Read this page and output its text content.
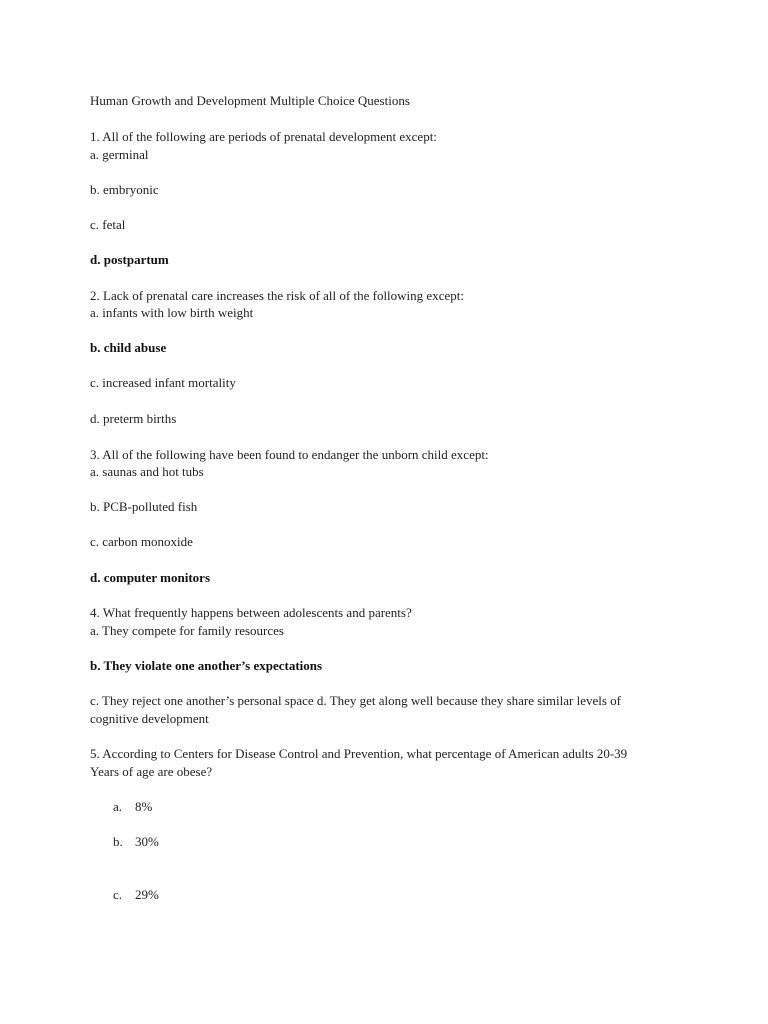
Human Growth and Development Multiple Choice Questions
1. All of the following are periods of prenatal development except:
a. germinal
b. embryonic
c. fetal
d. postpartum
2. Lack of prenatal care increases the risk of all of the following except:
a. infants with low birth weight
b. child abuse
c. increased infant mortality
d. preterm births
3. All of the following have been found to endanger the unborn child except:
a. saunas and hot tubs
b. PCB-polluted fish
c. carbon monoxide
d. computer monitors
4. What frequently happens between adolescents and parents?
a. They compete for family resources
b. They violate one another’s expectations
c. They reject one another’s personal space d. They get along well because they share similar levels of
cognitive development
5. According to Centers for Disease Control and Prevention, what percentage of American adults 20-39
Years of age are obese?
a. 8%
b. 30%
c. 29%
